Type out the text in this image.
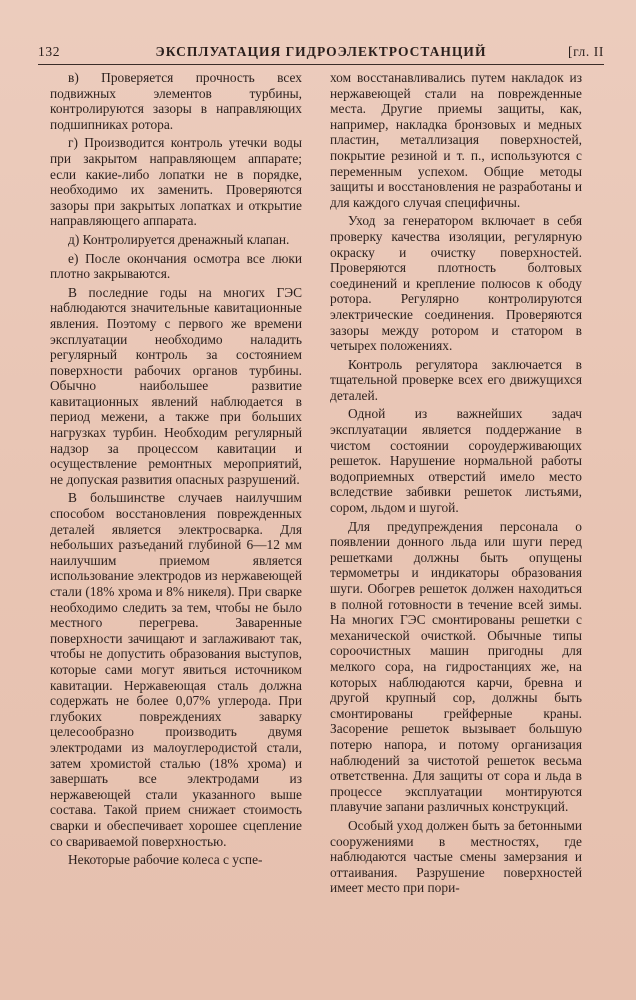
132	ЭКСПЛУАТАЦИЯ ГИДРОЭЛЕКТРОСТАНЦИЙ	[гл. II

в) Проверяется прочность всех подвижных элементов турбины, контролируются зазоры в направляющих подшипниках ротора.

г) Производится контроль утечки воды при закрытом направляющем аппарате; если какие-либо лопатки не в порядке, необходимо их заменить. Проверяются зазоры при закрытых лопатках и открытие направляющего аппарата.

д) Контролируется дренажный клапан.

е) После окончания осмотра все люки плотно закрываются.

В последние годы на многих ГЭС наблюдаются значительные кавитационные явления. Поэтому с первого же времени эксплуатации необходимо наладить регулярный контроль за состоянием поверхности рабочих органов турбины. Обычно наибольшее развитие кавитационных явлений наблюдается в период межени, а также при больших нагрузках турбин. Необходим регулярный надзор за процессом кавитации и осуществление ремонтных мероприятий, не допуская развития опасных разрушений.

В большинстве случаев наилучшим способом восстановления поврежденных деталей является электросварка. Для небольших разъеданий глубиной 6—12 мм наилучшим приемом является использование электродов из нержавеющей стали (18% хрома и 8% никеля). При сварке необходимо следить за тем, чтобы не было местного перегрева. Заваренные поверхности зачищают и заглаживают так, чтобы не допустить образования выступов, которые сами могут явиться источником кавитации. Нержавеющая сталь должна содержать не более 0,07% углерода. При глубоких повреждениях заварку целесообразно производить двумя электродами из малоуглеродистой стали, затем хромистой сталью (18% хрома) и завершать все электродами из нержавеющей стали указанного выше состава. Такой прием снижает стоимость сварки и обеспечивает хорошее сцепление со свариваемой поверхностью.

Некоторые рабочие колеса с успе-

хом восстанавливались путем накладок из нержавеющей стали на поврежденные места. Другие приемы защиты, как, например, накладка бронзовых и медных пластин, металлизация поверхностей, покрытие резиной и т. п., используются с переменным успехом. Общие методы защиты и восстановления не разработаны и для каждого случая специфичны.

Уход за генератором включает в себя проверку качества изоляции, регулярную окраску и очистку поверхностей. Проверяются плотность болтовых соединений и крепление полюсов к ободу ротора. Регулярно контролируются электрические соединения. Проверяются зазоры между ротором и статором в четырех положениях.

Контроль регулятора заключается в тщательной проверке всех его движущихся деталей.

Одной из важнейших задач эксплуатации является поддержание в чистом состоянии сороудерживающих решеток. Нарушение нормальной работы водоприемных отверстий имело место вследствие забивки решеток листьями, сором, льдом и шугой.

Для предупреждения персонала о появлении донного льда или шуги перед решетками должны быть опущены термометры и индикаторы образования шуги. Обогрев решеток должен находиться в полной готовности в течение всей зимы. На многих ГЭС смонтированы решетки с механической очисткой. Обычные типы сороочистных машин пригодны для мелкого сора, на гидростанциях же, на которых наблюдаются карчи, бревна и другой крупный сор, должны быть смонтированы грейферные краны. Засорение решеток вызывает большую потерю напора, и потому организация наблюдений за чистотой решеток весьма ответственна. Для защиты от сора и льда в процессе эксплуатации монтируются плавучие запани различных конструкций.

Особый уход должен быть за бетонными сооружениями в местностях, где наблюдаются частые смены замерзания и оттаивания. Разрушение поверхностей имеет место при пори-
